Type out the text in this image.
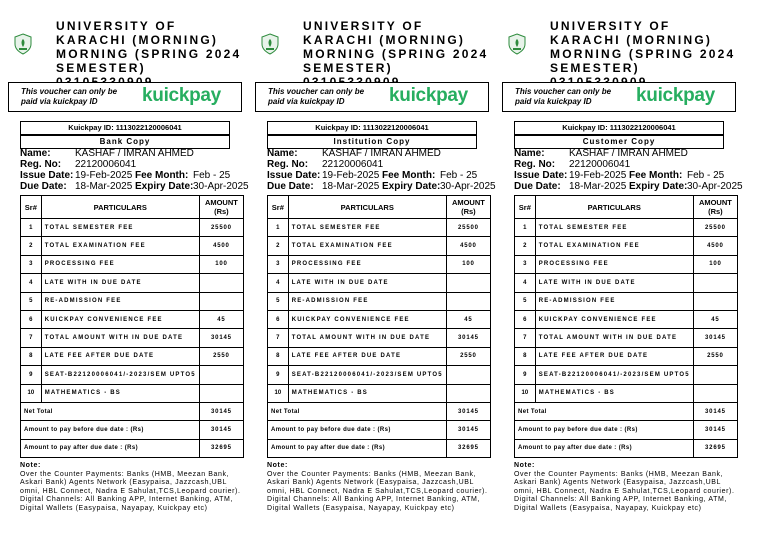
UNIVERSITY OF KARACHI (MORNING) MORNING (SPRING 2024 SEMESTER)
This voucher can only be paid via kuickpay ID	kuickpay
Kuickpay ID: 1113022120006041
Bank Copy
Name: KASHAF / IMRAN AHMED
Reg. No: 22120006041
Issue Date: 19-Feb-2025 Fee Month: Feb - 25
Due Date: 18-Mar-2025 Expiry Date: 30-Apr-2025
Sr#	PARTICULARS	AMOUNT (Rs)
1	TOTAL SEMESTER FEE	25500
2	TOTAL EXAMINATION FEE	4500
3	PROCESSING FEE	100
4	LATE WITH IN DUE DATE	
5	RE-ADMISSION FEE	
6	KUICKPAY CONVENIENCE FEE	45
7	TOTAL AMOUNT WITH IN DUE DATE	30145
8	LATE FEE AFTER DUE DATE	2550
9	SEAT-B22120006041/-2023/SEM UPTO5	
10	MATHEMATICS - BS	
Net Total		30145
Amount to pay before due date : (Rs)		30145
Amount to pay after due date : (Rs)		32695
Note:
Over the Counter Payments: Banks (HMB, Meezan Bank, Askari Bank) Agents Network (Easypaisa, Jazzcash,UBL omni, HBL Connect, Nadra E Sahulat,TCS,Leopard courier). Digital Channels: All Banking APP, Internet Banking, ATM, Digital Wallets (Easypaisa, Nayapay, Kuickpay etc)
UNIVERSITY OF KARACHI (MORNING) MORNING (SPRING 2024 SEMESTER)
This voucher can only be paid via kuickpay ID	kuickpay
Kuickpay ID: 1113022120006041
Institution Copy
Name: KASHAF / IMRAN AHMED
Reg. No: 22120006041
Issue Date: 19-Feb-2025 Fee Month: Feb - 25
Due Date: 18-Mar-2025 Expiry Date: 30-Apr-2025
Sr#	PARTICULARS	AMOUNT (Rs)
1	TOTAL SEMESTER FEE	25500
2	TOTAL EXAMINATION FEE	4500
3	PROCESSING FEE	100
4	LATE WITH IN DUE DATE	
5	RE-ADMISSION FEE	
6	KUICKPAY CONVENIENCE FEE	45
7	TOTAL AMOUNT WITH IN DUE DATE	30145
8	LATE FEE AFTER DUE DATE	2550
9	SEAT-B22120006041/-2023/SEM UPTO5	
10	MATHEMATICS - BS	
Net Total		30145
Amount to pay before due date : (Rs)		30145
Amount to pay after due date : (Rs)		32695
Note:
Over the Counter Payments: Banks (HMB, Meezan Bank, Askari Bank) Agents Network (Easypaisa, Jazzcash,UBL omni, HBL Connect, Nadra E Sahulat,TCS,Leopard courier). Digital Channels: All Banking APP, Internet Banking, ATM, Digital Wallets (Easypaisa, Nayapay, Kuickpay etc)
UNIVERSITY OF KARACHI (MORNING) MORNING (SPRING 2024 SEMESTER)
This voucher can only be paid via kuickpay ID	kuickpay
Kuickpay ID: 1113022120006041
Customer Copy
Name: KASHAF / IMRAN AHMED
Reg. No: 22120006041
Issue Date: 19-Feb-2025 Fee Month: Feb - 25
Due Date: 18-Mar-2025 Expiry Date: 30-Apr-2025
Sr#	PARTICULARS	AMOUNT (Rs)
1	TOTAL SEMESTER FEE	25500
2	TOTAL EXAMINATION FEE	4500
3	PROCESSING FEE	100
4	LATE WITH IN DUE DATE	
5	RE-ADMISSION FEE	
6	KUICKPAY CONVENIENCE FEE	45
7	TOTAL AMOUNT WITH IN DUE DATE	30145
8	LATE FEE AFTER DUE DATE	2550
9	SEAT-B22120006041/-2023/SEM UPTO5	
10	MATHEMATICS - BS	
Net Total		30145
Amount to pay before due date : (Rs)		30145
Amount to pay after due date : (Rs)		32695
Note:
Over the Counter Payments: Banks (HMB, Meezan Bank, Askari Bank) Agents Network (Easypaisa, Jazzcash,UBL omni, HBL Connect, Nadra E Sahulat,TCS,Leopard courier). Digital Channels: All Banking APP, Internet Banking, ATM, Digital Wallets (Easypaisa, Nayapay, Kuickpay etc)
